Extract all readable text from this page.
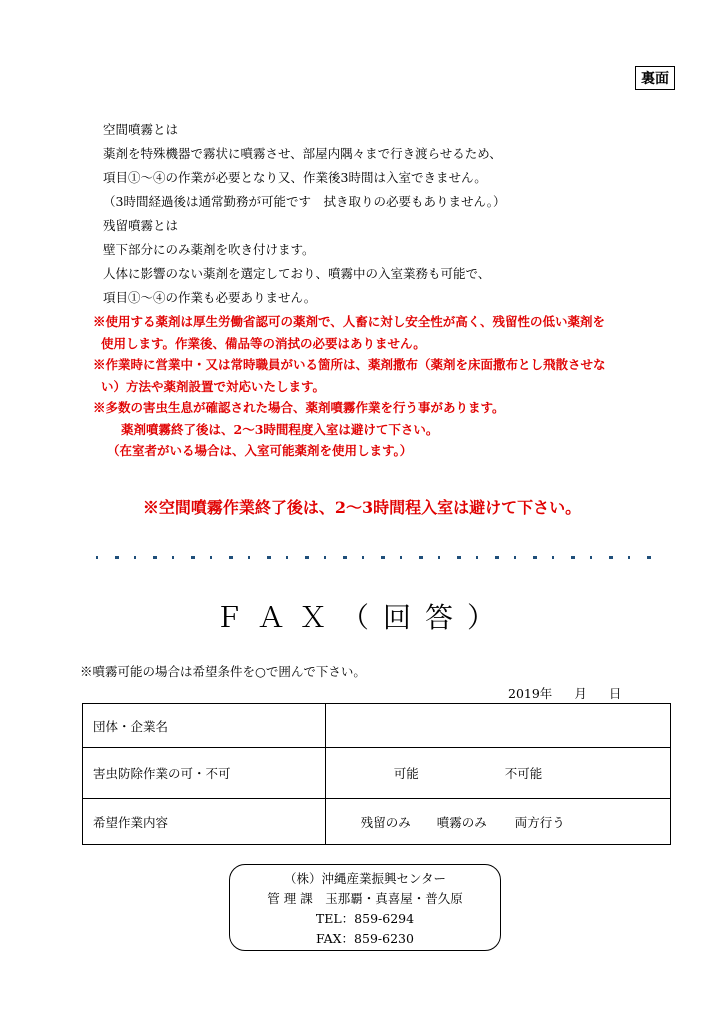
裏面
空間噴霧とは
薬剤を特殊機器で霧状に噴霧させ、部屋内隅々まで行き渡らせるため、
項目①～④の作業が必要となり又、作業後3時間は入室できません。
（3時間経過後は通常勤務が可能です　拭き取りの必要もありません。）
残留噴霧とは
壁下部分にのみ薬剤を吹き付けます。
人体に影響のない薬剤を選定しており、噴霧中の入室業務も可能で、
項目①～④の作業も必要ありません。
※使用する薬剤は厚生労働省認可の薬剤で、人畜に対し安全性が高く、残留性の低い薬剤を
使用します。作業後、備品等の消拭の必要はありません。
※作業時に営業中・又は常時職員がいる箇所は、薬剤撒布（薬剤を床面撒布とし飛散させな
い）方法や薬剤設置で対応いたします。
※多数の害虫生息が確認された場合、薬剤噴霧作業を行う事があります。
薬剤噴霧終了後は、2～3時間程度入室は避けて下さい。
（在室者がいる場合は、入室可能薬剤を使用します。）
※空間噴霧作業終了後は、2～3時間程入室は避けて下さい。
ＦＡＸ（回答）
※噴霧可能の場合は希望条件を○で囲んで下さい。
2019年 月 日
団体・企業名	
害虫防除作業の可・不可	可能 不可能
希望作業内容	残留のみ 噴霧のみ 両方行う
（株）沖縄産業振興センター
管 理 課　玉那覇・真喜屋・普久原
TEL：859-6294
FAX：859-6230
